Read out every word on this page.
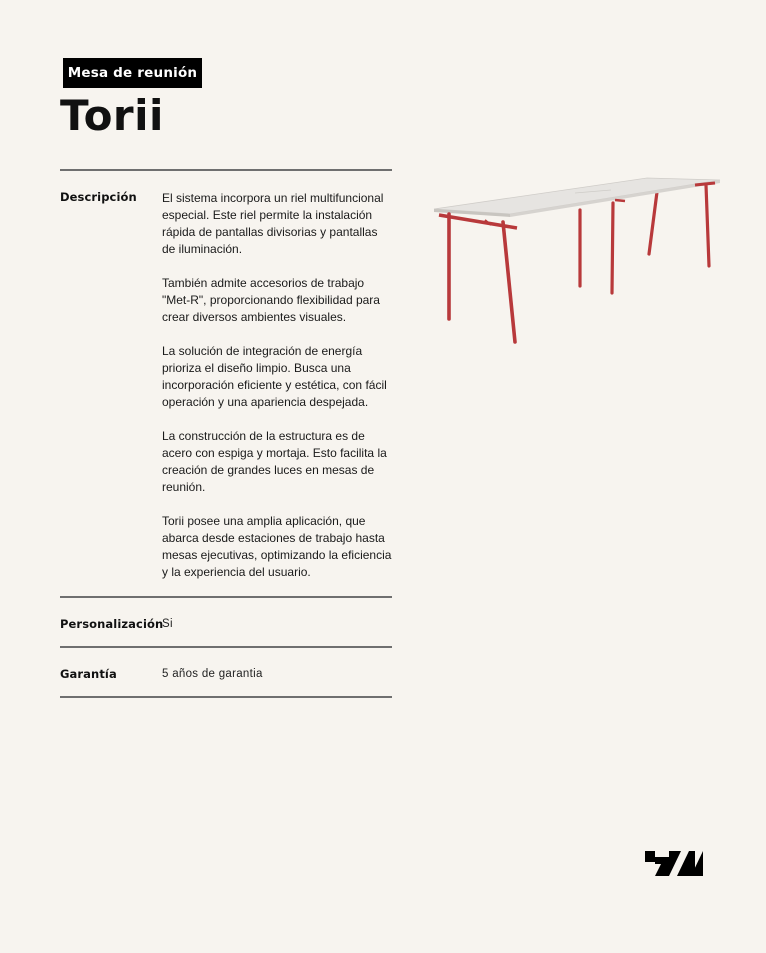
Mesa de reunión
Torii
Descripción El sistema incorpora un riel multifuncional especial. Este riel permite la instalación rápida de pantallas divisorias y pantallas de iluminación.

También admite accesorios de trabajo "Met-R", proporcionando flexibilidad para crear diversos ambientes visuales.

La solución de integración de energía prioriza el diseño limpio. Busca una incorporación eficiente y estética, con fácil operación y una apariencia despejada.

La construcción de la estructura es de acero con espiga y mortaja. Esto facilita la creación de grandes luces en mesas de reunión.

Torii posee una amplia aplicación, que abarca desde estaciones de trabajo hasta mesas ejecutivas, optimizando la eficiencia y la experiencia del usuario.

Personalización
Si
Garantía	5 años de garantia
